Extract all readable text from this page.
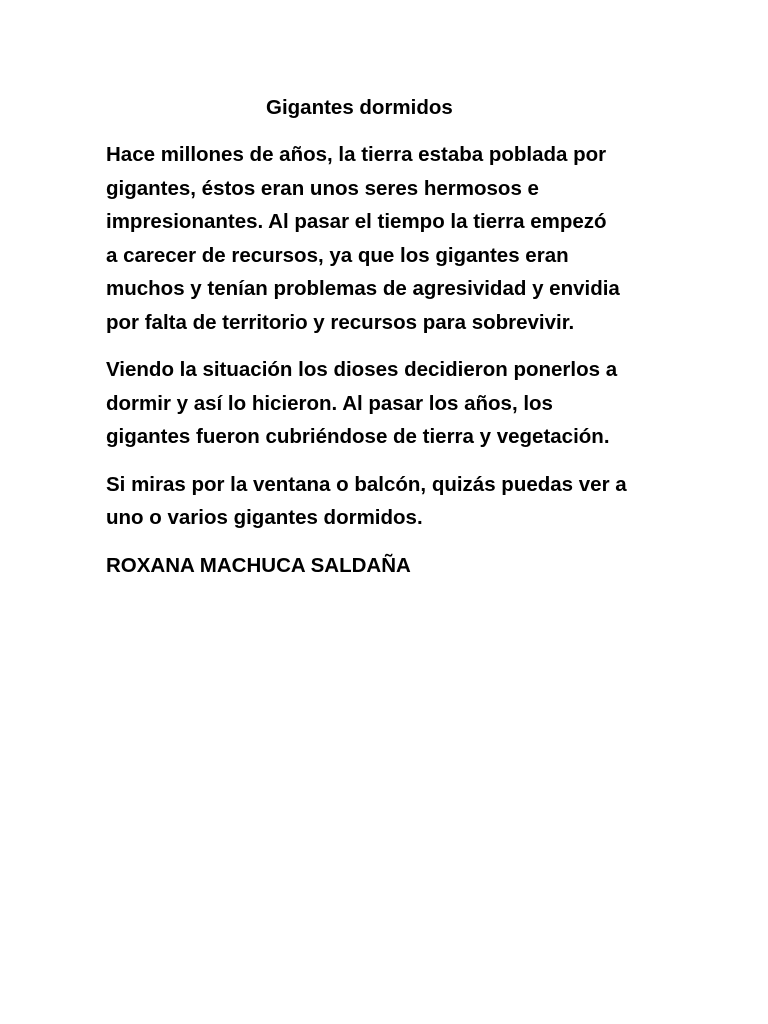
Gigantes dormidos

Hace millones de años, la tierra estaba poblada por
gigantes, éstos eran unos seres hermosos e
impresionantes. Al pasar el tiempo la tierra empezó
a carecer de recursos, ya que los gigantes eran
muchos y tenían problemas de agresividad y envidia
por falta de territorio y recursos para sobrevivir.

Viendo la situación los dioses decidieron ponerlos a
dormir y así lo hicieron. Al pasar los años, los
gigantes fueron cubriéndose de tierra y vegetación.

Si miras por la ventana o balcón, quizás puedas ver a
uno o varios gigantes dormidos.

ROXANA MACHUCA SALDAÑA
